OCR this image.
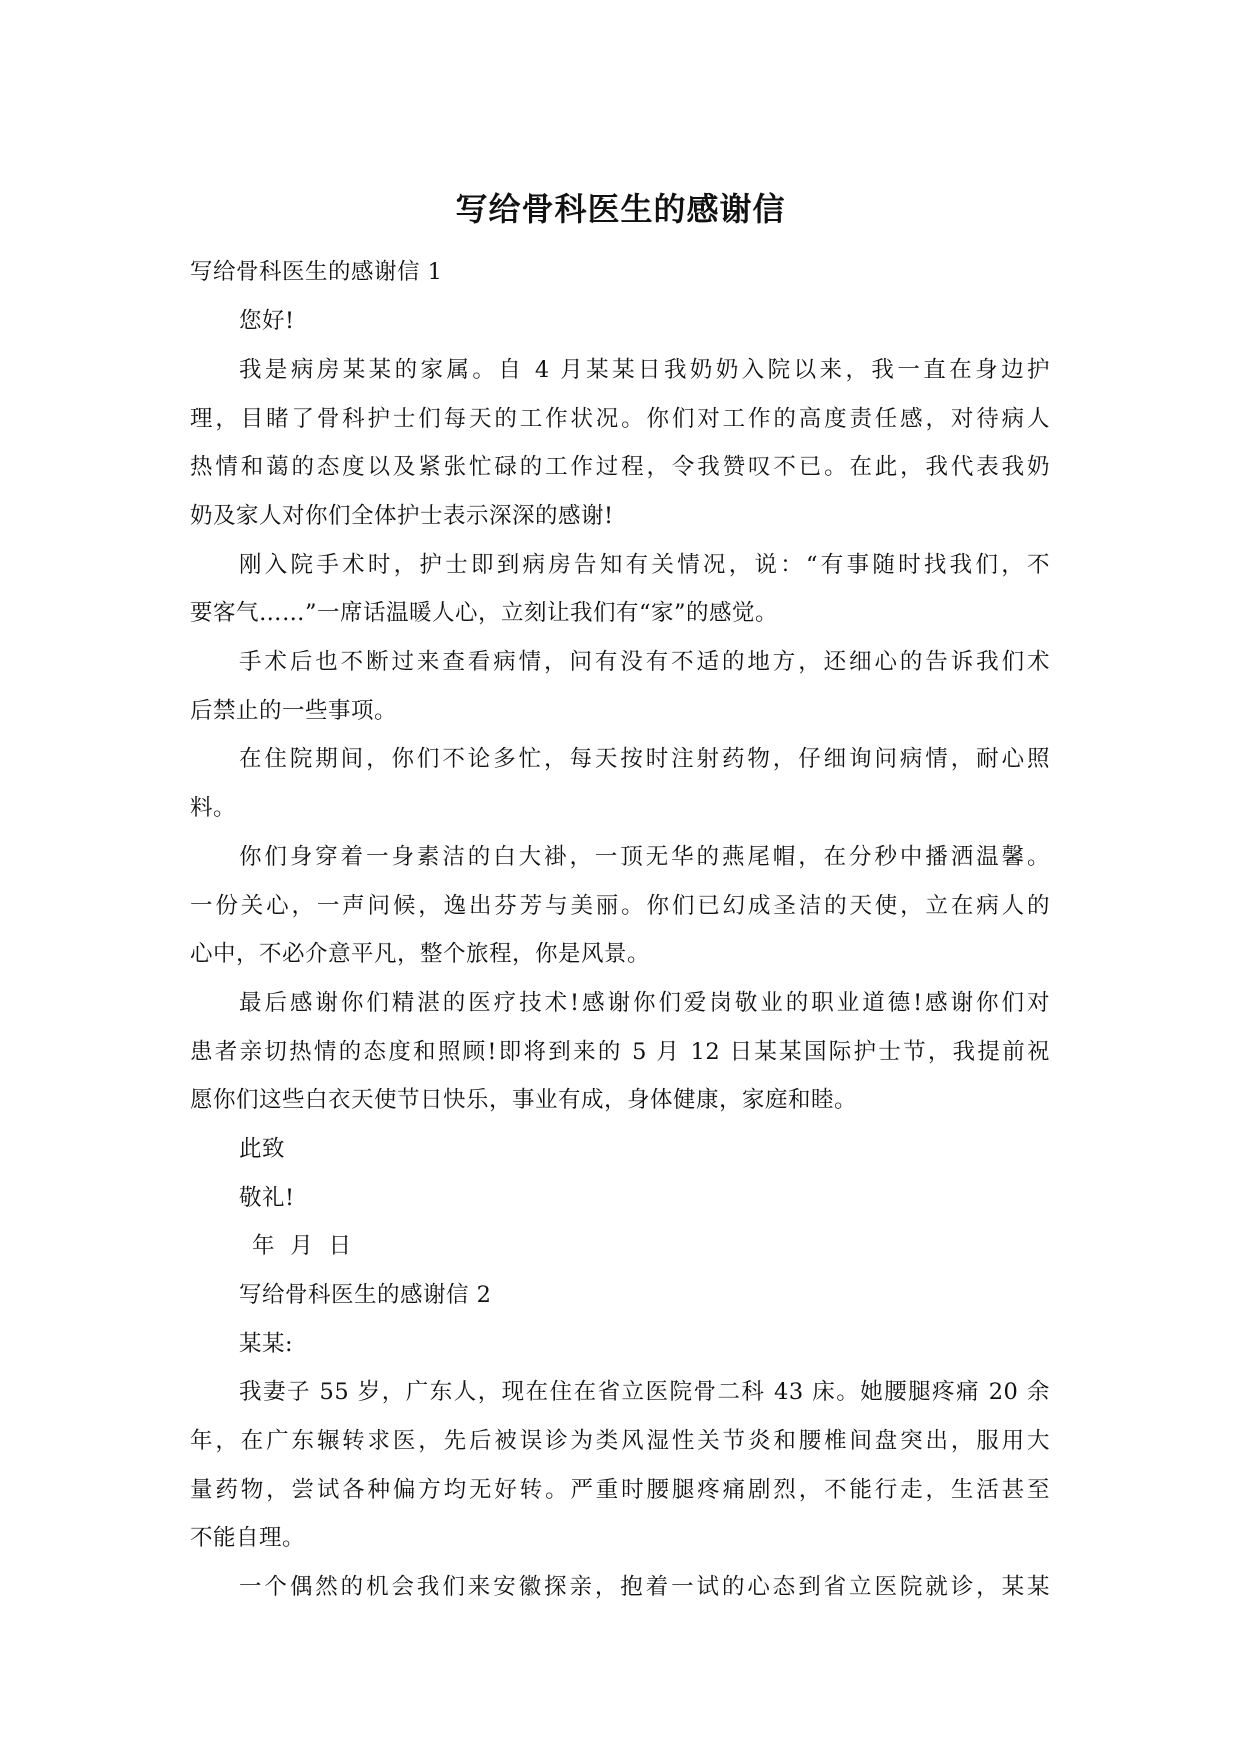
写给骨科医生的感谢信
写给骨科医生的感谢信 1
您好!
我是病房某某的家属。自 4 月某某日我奶奶入院以来，我一直在身边护
理，目睹了骨科护士们每天的工作状况。你们对工作的高度责任感，对待病人
热情和蔼的态度以及紧张忙碌的工作过程，令我赞叹不已。在此，我代表我奶
奶及家人对你们全体护士表示深深的感谢!
刚入院手术时，护士即到病房告知有关情况，说：“有事随时找我们，不
要客气……”一席话温暖人心，立刻让我们有“家”的感觉。
手术后也不断过来查看病情，问有没有不适的地方，还细心的告诉我们术
后禁止的一些事项。
在住院期间，你们不论多忙，每天按时注射药物，仔细询问病情，耐心照
料。
你们身穿着一身素洁的白大褂，一顶无华的燕尾帽，在分秒中播洒温馨。
一份关心，一声问候，逸出芬芳与美丽。你们已幻成圣洁的天使，立在病人的
心中，不必介意平凡，整个旅程，你是风景。
最后感谢你们精湛的医疗技术!感谢你们爱岗敬业的职业道德!感谢你们对
患者亲切热情的态度和照顾!即将到来的 5 月 12 日某某国际护士节，我提前祝
愿你们这些白衣天使节日快乐，事业有成，身体健康，家庭和睦。
此致
敬礼!
年  月  日
写给骨科医生的感谢信 2
某某:
我妻子 55 岁，广东人，现在住在省立医院骨二科 43 床。她腰腿疼痛 20 余
年，在广东辗转求医，先后被误诊为类风湿性关节炎和腰椎间盘突出，服用大
量药物，尝试各种偏方均无好转。严重时腰腿疼痛剧烈，不能行走，生活甚至
不能自理。
一个偶然的机会我们来安徽探亲，抱着一试的心态到省立医院就诊，某某
